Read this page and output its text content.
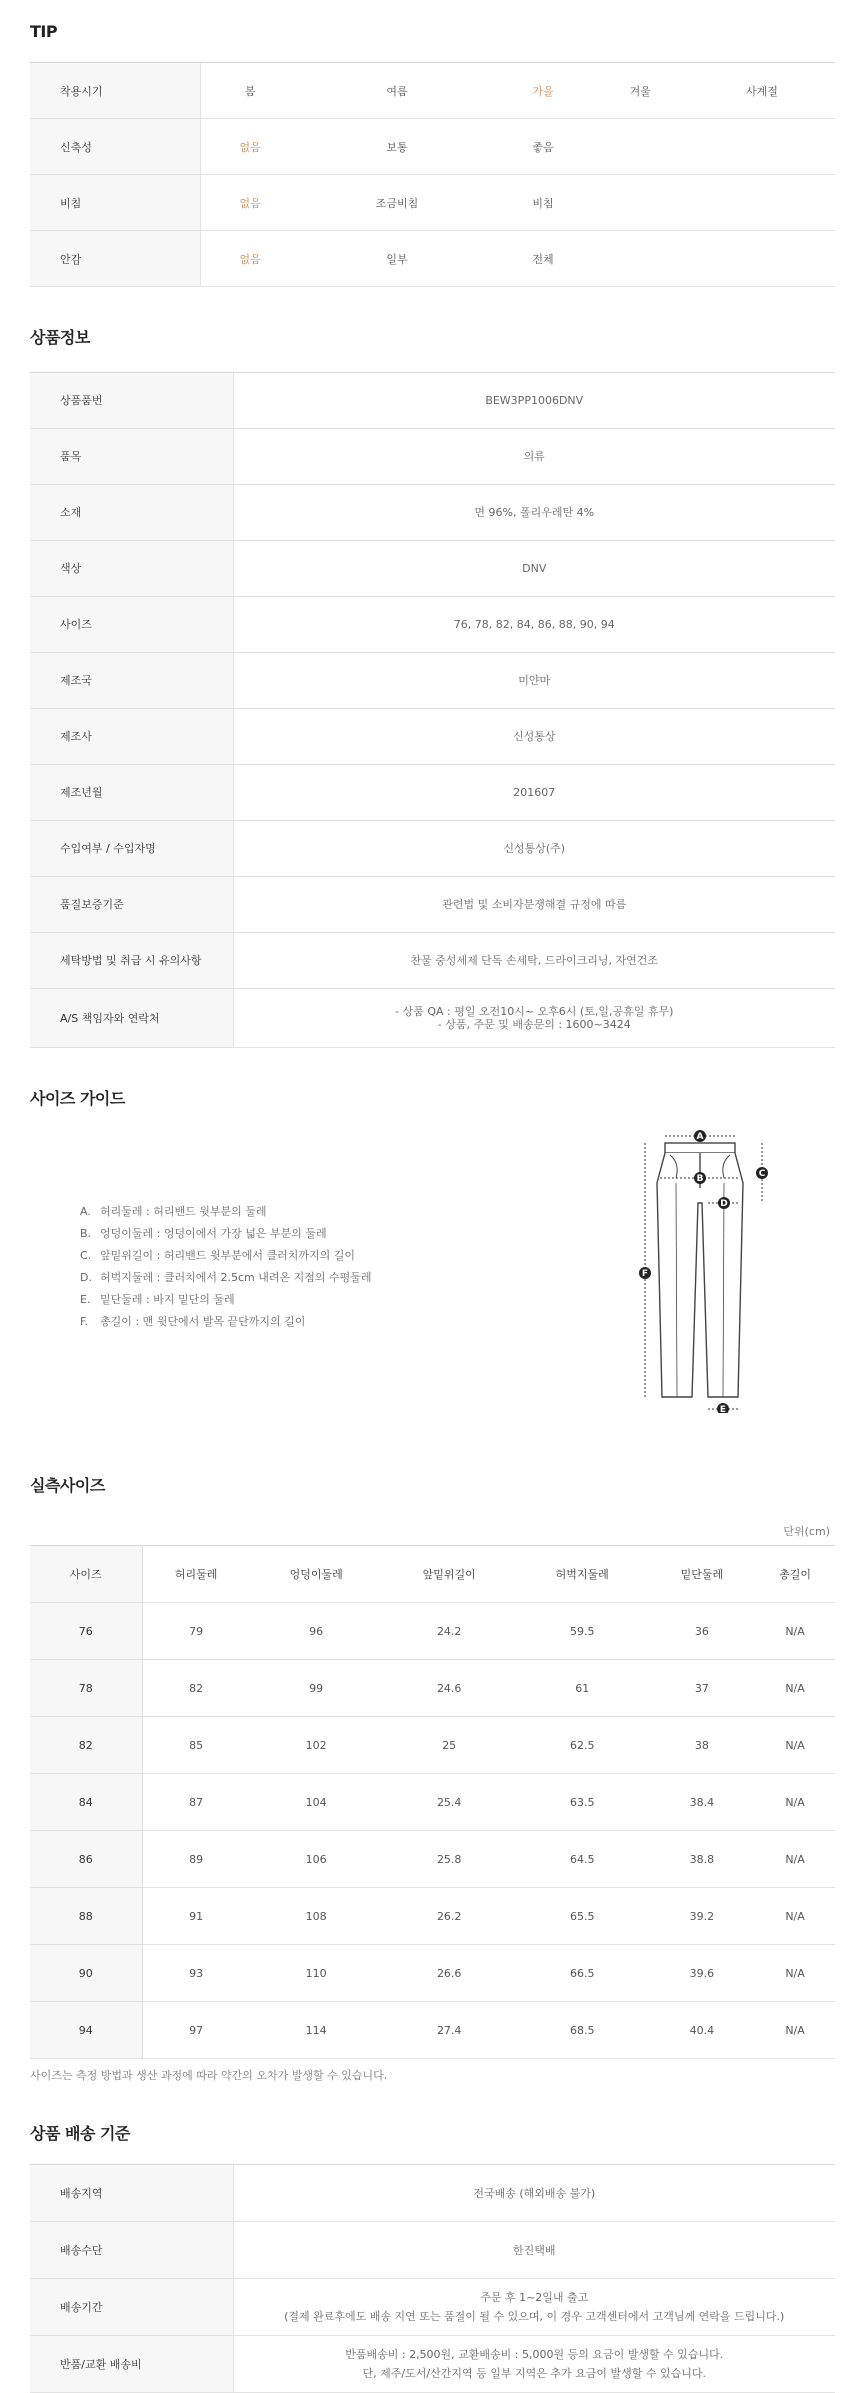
TIP
착용시기	봄	여름	가을	겨울	사계절
신축성	없음	보통	좋음		
비침	없음	조금비침	비침		
안감	없음	일부	전체		
상품정보
상품품번	BEW3PP1006DNV

품목	의류

소재	면 96%, 폴리우레탄 4%

색상	DNV

사이즈	76, 78, 82, 84, 86, 88, 90, 94

제조국	미얀마

제조사	신성통상

제조년월	201607

수입여부 / 수입자명	신성통상(주)

품질보증기준	관련법 및 소비자분쟁해결 규정에 따름

세탁방법 및 취급 시 유의사항	찬물 중성세제 단독 손세탁, 드라이크리닝, 자연건조

A/S 책임자와 연락처	- 상품 QA : 평일 오전10시~ 오후6시 (토,일,공휴일 휴무)
- 상품, 주문 및 배송문의 : 1600~3424
사이즈 가이드
A. 허리둘레 : 허리밴드 윗부분의 둘레
B. 엉덩이둘레 : 엉덩이에서 가장 넓은 부분의 둘레
C. 앞밑위길이 : 허리밴드 윗부분에서 클러치까지의 길이
D. 허벅지둘레 : 클러치에서 2.5cm 내려온 지점의 수평둘레
E. 밑단둘레 : 바지 밑단의 둘레
F. 총길이 : 맨 윗단에서 발목 끝단까지의 길이
A
B	C
D
E
F
실측사이즈
단위(cm)
사이즈	허리둘레	엉덩이둘레	앞밑위길이	허벅지둘레	밑단둘레	총길이
76	79	96	24.2	59.5	36	N/A
78	82	99	24.6	61	37	N/A
82	85	102	25	62.5	38	N/A
84	87	104	25.4	63.5	38.4	N/A
86	89	106	25.8	64.5	38.8	N/A
88	91	108	26.2	65.5	39.2	N/A
90	93	110	26.6	66.5	39.6	N/A
94	97	114	27.4	68.5	40.4	N/A
사이즈는 측정 방법과 생산 과정에 따라 약간의 오차가 발생할 수 있습니다.
상품 배송 기준
배송지역	전국배송 (해외배송 불가)

배송수단	한진택배

배송기간	주문 후 1~2일내 출고
(결제 완료후에도 배송 지연 또는 품절이 될 수 있으며, 이 경우 고객센터에서 고객님께 연락을 드립니다.)

반품/교환 배송비	반품배송비 : 2,500원, 교환배송비 : 5,000원 등의 요금이 발생할 수 있습니다.
단, 제주/도서/산간지역 등 일부 지역은 추가 요금이 발생할 수 있습니다.
